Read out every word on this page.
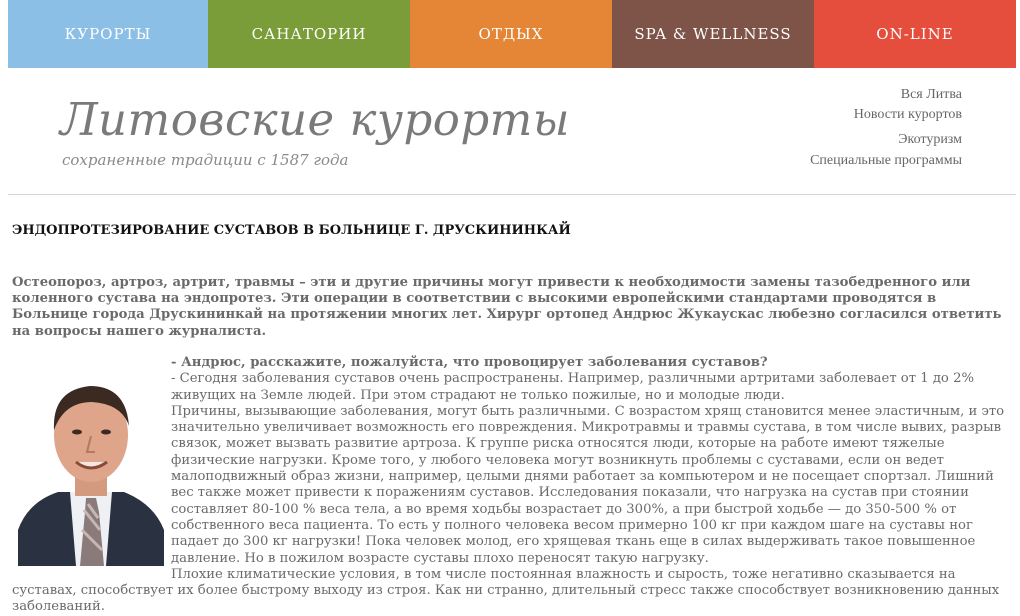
КУРОРТЫ	САНАТОРИИ	ОТДЫХ	SPA & WELLNESS	ON-LINE
Литовские курорты
сохраненные традиции с 1587 года
Вся Литва
Новости курортов
Экотуризм
Специальные программы
ЭНДОПРОТЕЗИРОВАНИЕ СУСТАВОВ В БОЛЬНИЦЕ Г. ДРУСКИНИНКАЙ
Остеопороз, артроз, артрит, травмы – эти и другие причины могут привести к необходимости замены тазобедренного или коленного сустава на эндопротез. Эти операции в соответствии с высокими европейскими стандартами проводятся в Больнице города Друскининкай на протяжении многих лет. Хирург ортопед Андрюс Жукаускас любезно согласился ответить на вопросы нашего журналиста.

- Андрюс, расскажите, пожалуйста, что провоцирует заболевания суставов?

- Сегодня заболевания суставов очень распространены. Например, различными артритами заболевает от 1 до 2% живущих на Земле людей. При этом страдают не только пожилые, но и молодые люди.

Причины, вызывающие заболевания, могут быть различными. С возрастом хрящ становится менее эластичным, и это значительно увеличивает возможность его повреждения. Микротравмы и травмы сустава, в том числе вывих, разрыв связок, может вызвать развитие артроза. К группе риска относятся люди, которые на работе имеют тяжелые физические нагрузки. Кроме того, у любого человека могут возникнуть проблемы с суставами, если он ведет малоподвижный образ жизни, например, целыми днями работает за компьютером и не посещает спортзал. Лишний вес также может привести к поражениям суставов. Исследования показали, что нагрузка на сустав при стоянии составляет 80-100 % веса тела, а во время ходьбы возрастает до 300%, а при быстрой ходьбе — до 350-500 % от собственного веса пациента. То есть у полного человека весом примерно 100 кг при каждом шаге на суставы ног падает до 300 кг нагрузки! Пока человек молод, его хрящевая ткань еще в силах выдерживать такое повышенное давление. Но в пожилом возрасте суставы плохо переносят такую нагрузку.

Плохие климатические условия, в том числе постоянная влажность и сырость, тоже негативно сказывается на суставах, способствует их более быстрому выходу из строя. Как ни странно, длительный стресс также способствует возникновению данных заболеваний.
